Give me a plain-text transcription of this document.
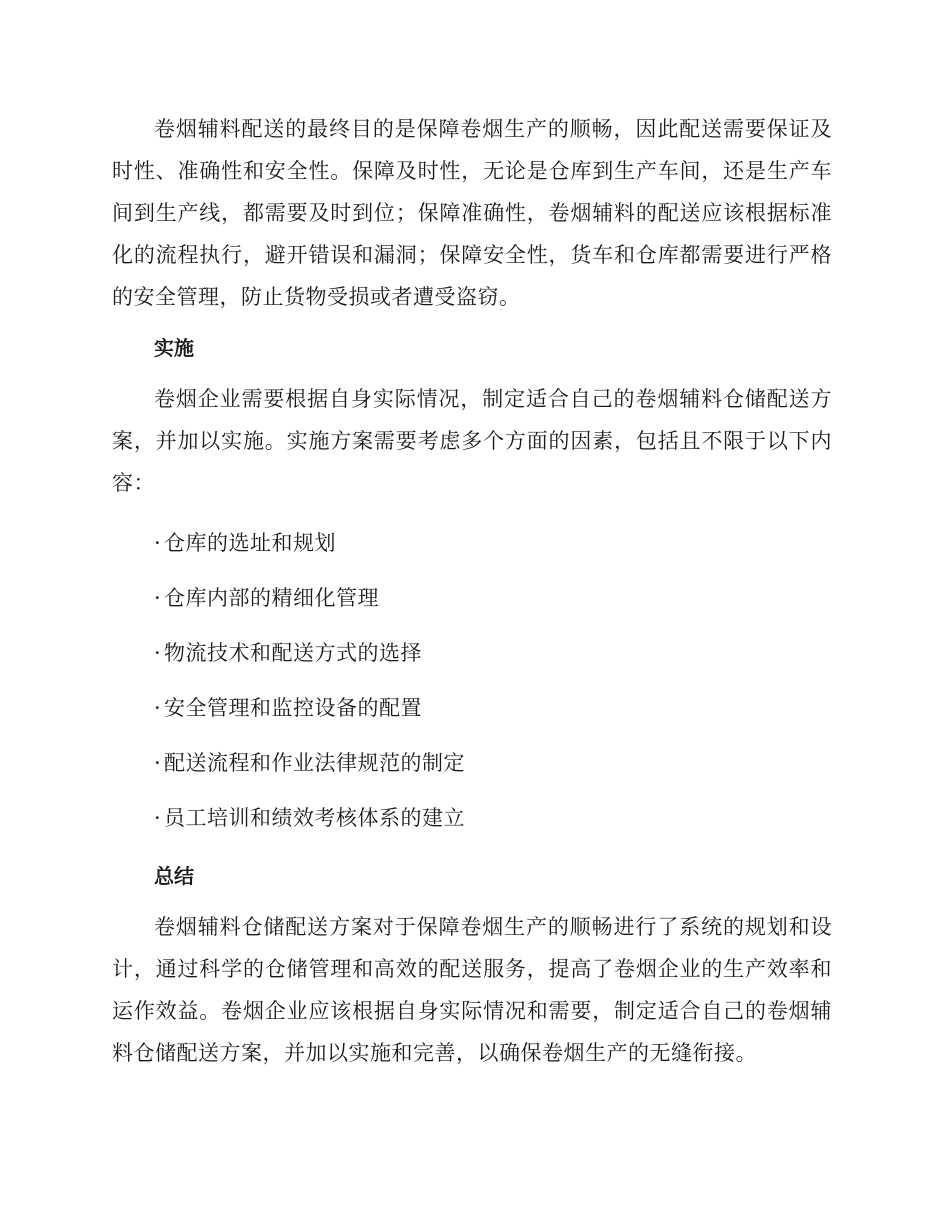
卷烟辅料配送的最终目的是保障卷烟生产的顺畅，因此配送需要保证及时性、准确性和安全性。保障及时性，无论是仓库到生产车间，还是生产车间到生产线，都需要及时到位；保障准确性，卷烟辅料的配送应该根据标准化的流程执行，避开错误和漏洞；保障安全性，货车和仓库都需要进行严格的安全管理，防止货物受损或者遭受盗窃。

实施

卷烟企业需要根据自身实际情况，制定适合自己的卷烟辅料仓储配送方案，并加以实施。实施方案需要考虑多个方面的因素，包括且不限于以下内容：

· 仓库的选址和规划
· 仓库内部的精细化管理
· 物流技术和配送方式的选择
· 安全管理和监控设备的配置
· 配送流程和作业法律规范的制定
· 员工培训和绩效考核体系的建立
总结

卷烟辅料仓储配送方案对于保障卷烟生产的顺畅进行了系统的规划和设计，通过科学的仓储管理和高效的配送服务，提高了卷烟企业的生产效率和运作效益。卷烟企业应该根据自身实际情况和需要，制定适合自己的卷烟辅料仓储配送方案，并加以实施和完善，以确保卷烟生产的无缝衔接。
